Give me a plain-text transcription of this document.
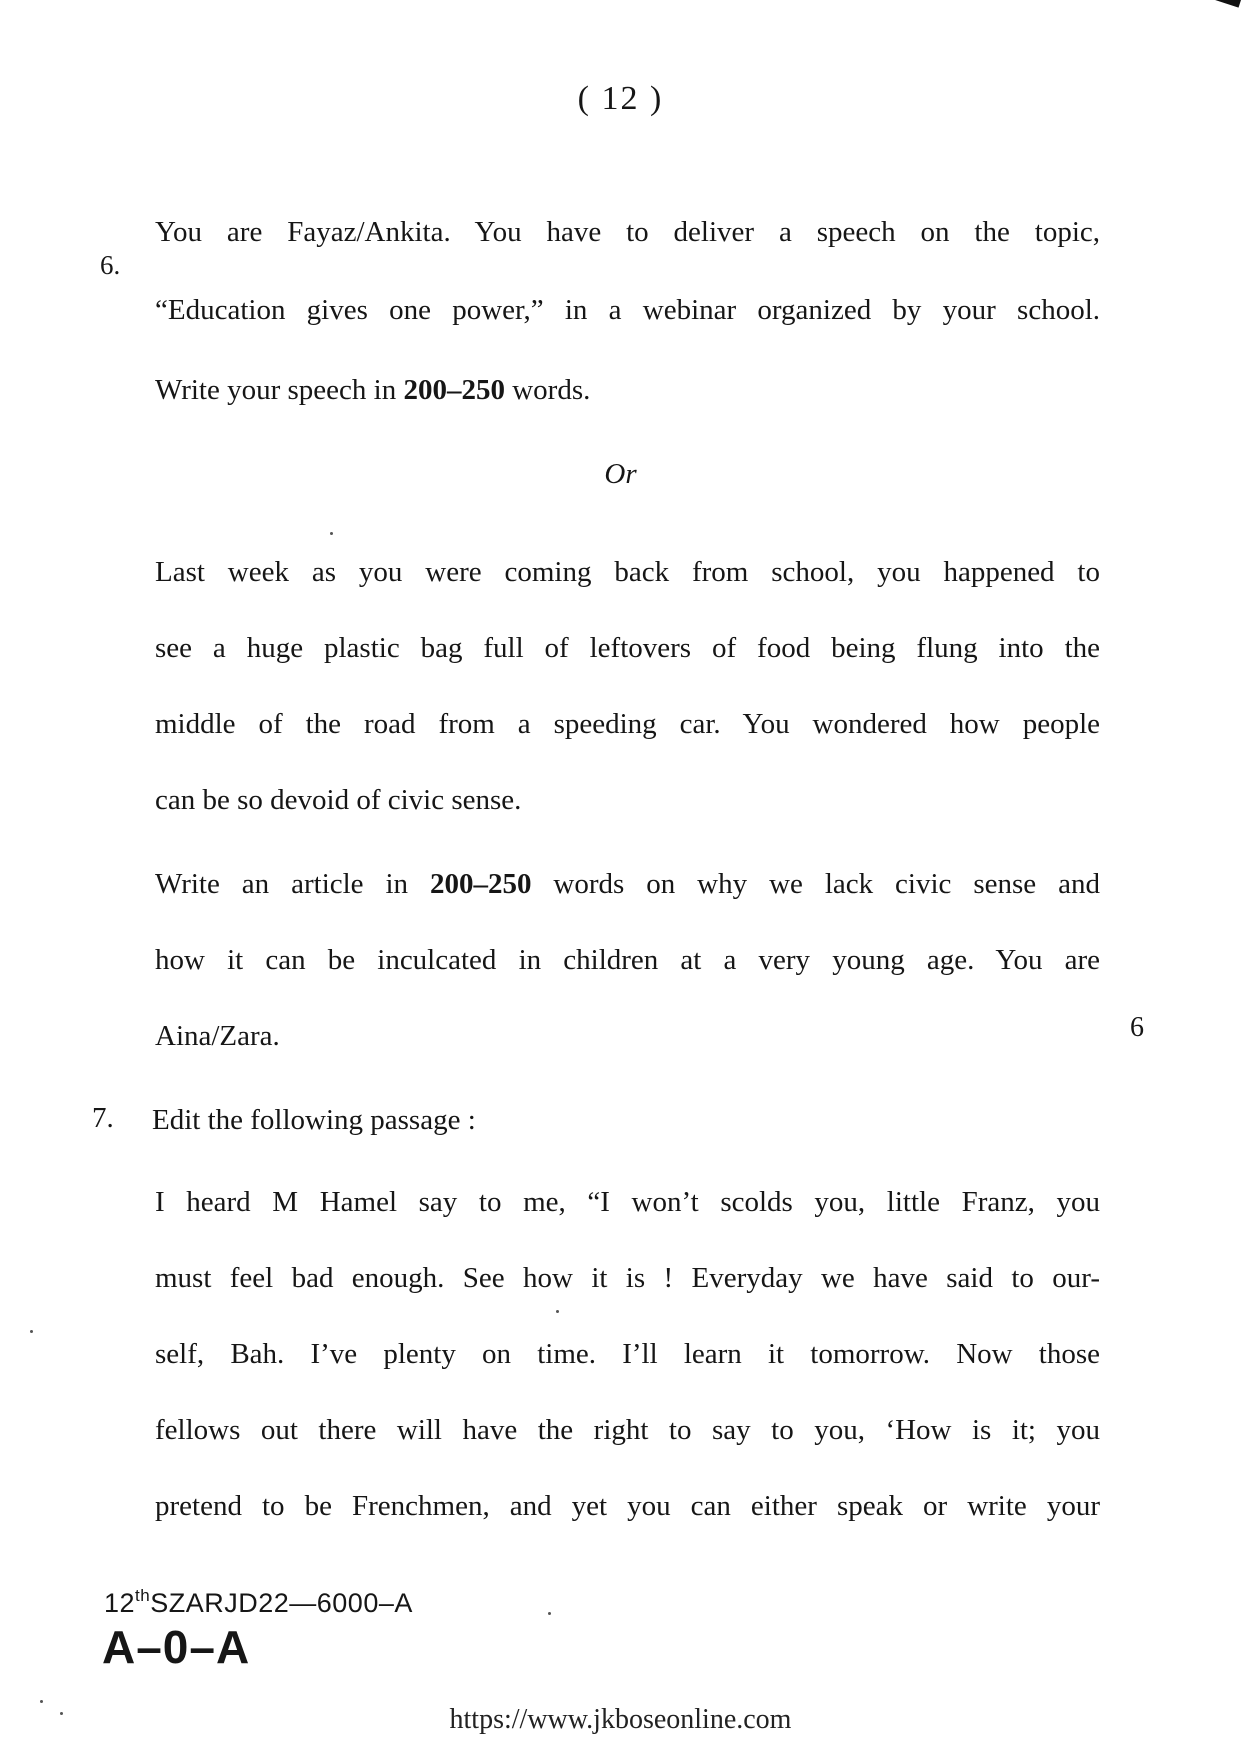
( 12 )
6.
You are Fayaz/Ankita. You have to deliver a speech on the topic,
“Education gives one power,” in a webinar organized by your school.
Write your speech in 200–250 words.
Or
Last week as you were coming back from school, you happened to
see a huge plastic bag full of leftovers of food being flung into the
middle of the road from a speeding car. You wondered how people
can be so devoid of civic sense.
Write an article in 200–250 words on why we lack civic sense and
how it can be inculcated in children at a very young age. You are
Aina/Zara.	6
7. Edit the following passage :
I heard M Hamel say to me, “I won’t scolds you, little Franz, you
must feel bad enough. See how it is ! Everyday we have said to our-
self, Bah. I’ve plenty on time. I’ll learn it tomorrow. Now those
fellows out there will have the right to say to you, ‘How is it; you
pretend to be Frenchmen, and yet you can either speak or write your
12thSZARJD22—6000–A
A–0–A
https://www.jkboseonline.com
